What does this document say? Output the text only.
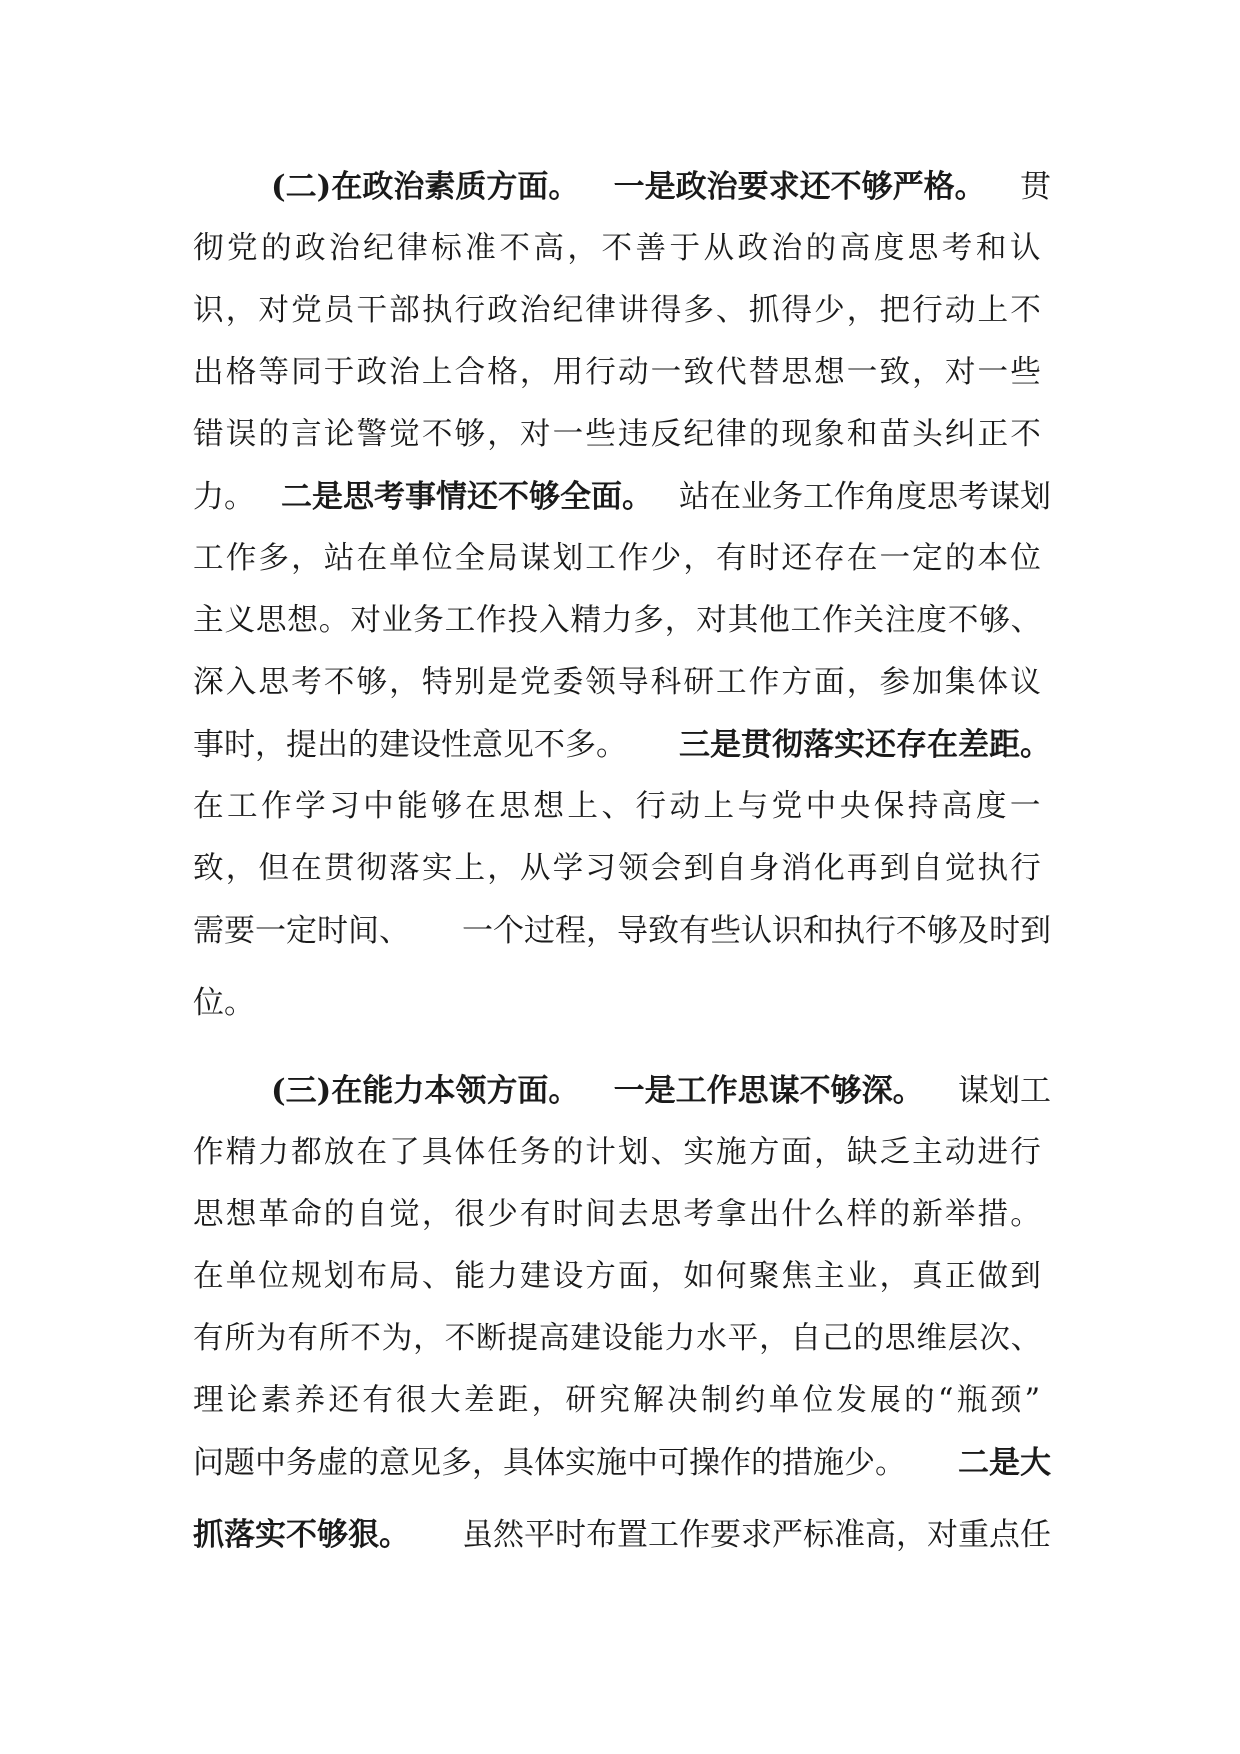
(二)在政治素质方面。 一是政治要求还不够严格。 贯
彻党的政治纪律标准不高，不善于从政治的高度思考和认
识，对党员干部执行政治纪律讲得多、抓得少，把行动上不
出格等同于政治上合格，用行动一致代替思想一致，对一些
错误的言论警觉不够，对一些违反纪律的现象和苗头纠正不
力。 二是思考事情还不够全面。 站在业务工作角度思考谋划
工作多，站在单位全局谋划工作少，有时还存在一定的本位
主义思想。对业务工作投入精力多，对其他工作关注度不够、
深入思考不够，特别是党委领导科研工作方面，参加集体议
事时，提出的建设性意见不多。 三是贯彻落实还存在差距。
在工作学习中能够在思想上、行动上与党中央保持高度一
致，但在贯彻落实上，从学习领会到自身消化再到自觉执行
需要一定时间、 一个过程，导致有些认识和执行不够及时到
位。
(三)在能力本领方面。 一是工作思谋不够深。 谋划工
作精力都放在了具体任务的计划、实施方面，缺乏主动进行
思想革命的自觉，很少有时间去思考拿出什么样的新举措。
在单位规划布局、能力建设方面，如何聚焦主业，真正做到
有所为有所不为，不断提高建设能力水平，自己的思维层次、
理论素养还有很大差距，研究解决制约单位发展的“瓶颈”
问题中务虚的意见多，具体实施中可操作的措施少。 二是大
抓落实不够狠。 虽然平时布置工作要求严标准高，对重点任
